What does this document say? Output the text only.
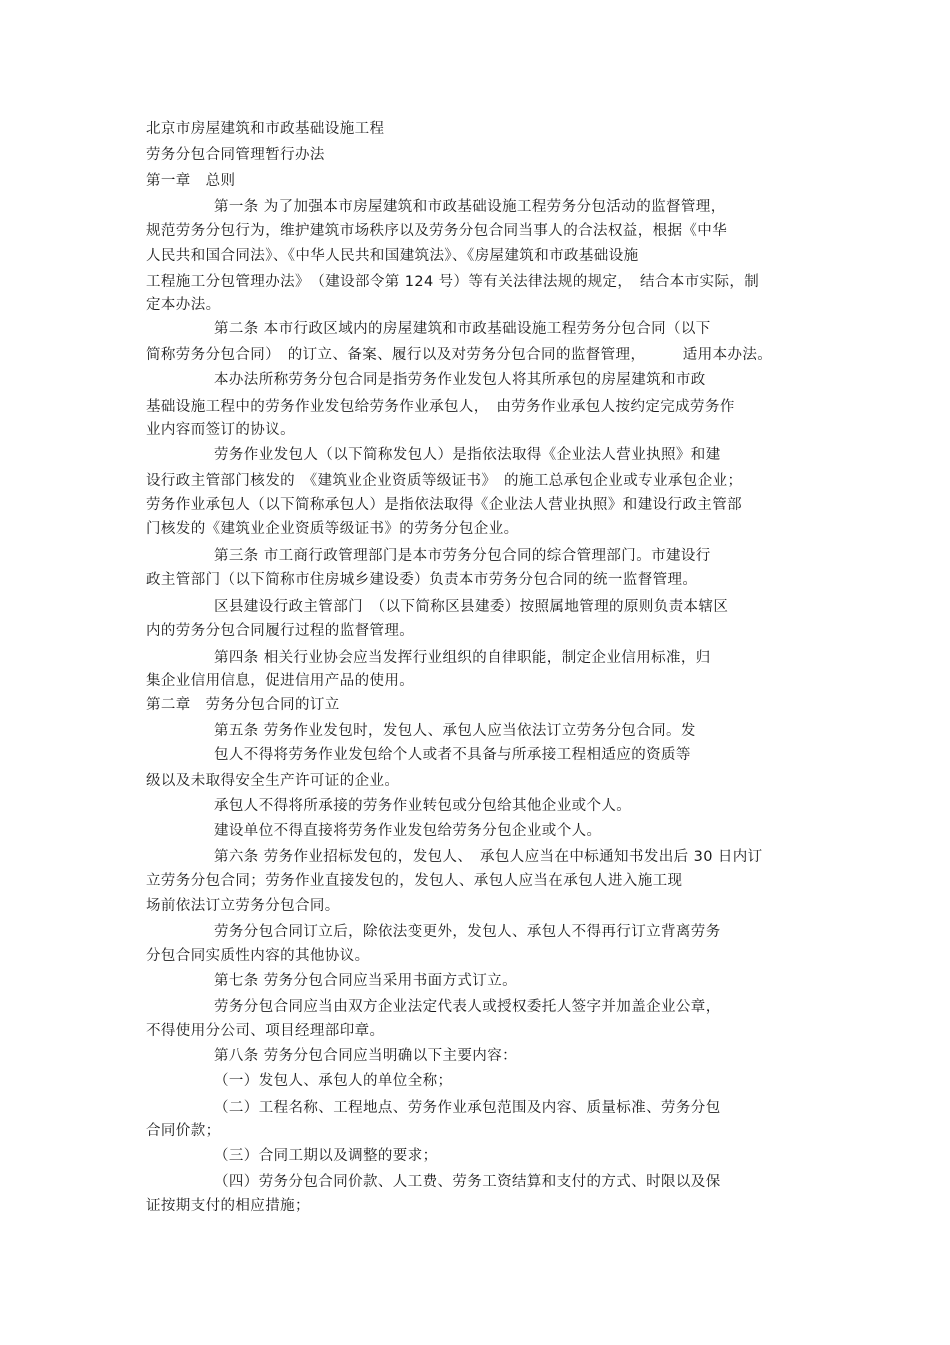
北京市房屋建筑和市政基础设施工程
劳务分包合同管理暂行办法
第一章　总则
第一条 为了加强本市房屋建筑和市政基础设施工程劳务分包活动的监督管理，
规范劳务分包行为，维护建筑市场秩序以及劳务分包合同当事人的合法权益，根据《中华
人民共和国合同法》、《中华人民共和国建筑法》、《房屋建筑和市政基础设施
工程施工分包管理办法》　（建设部令第 124 号）等有关法律法规的规定，　结合本市实际，制
定本办法。
第二条 本市行政区域内的房屋建筑和市政基础设施工程劳务分包合同（以下
简称劳务分包合同）　的订立、备案、履行以及对劳务分包合同的监督管理，　　　适用本办法。
本办法所称劳务分包合同是指劳务作业发包人将其所承包的房屋建筑和市政
基础设施工程中的劳务作业发包给劳务作业承包人，　由劳务作业承包人按约定完成劳务作
业内容而签订的协议。
劳务作业发包人（以下简称发包人）是指依法取得《企业法人营业执照》和建
设行政主管部门核发的　《建筑业企业资质等级证书》　的施工总承包企业或专业承包企业；
劳务作业承包人（以下简称承包人）是指依法取得《企业法人营业执照》和建设行政主管部
门核发的《建筑业企业资质等级证书》的劳务分包企业。
第三条 市工商行政管理部门是本市劳务分包合同的综合管理部门。市建设行
政主管部门（以下简称市住房城乡建设委）负责本市劳务分包合同的统一监督管理。
区县建设行政主管部门　（以下简称区县建委）按照属地管理的原则负责本辖区
内的劳务分包合同履行过程的监督管理。
第四条 相关行业协会应当发挥行业组织的自律职能，制定企业信用标准，归
集企业信用信息，促进信用产品的使用。
第二章　劳务分包合同的订立
第五条 劳务作业发包时，发包人、承包人应当依法订立劳务分包合同。发
包人不得将劳务作业发包给个人或者不具备与所承接工程相适应的资质等
级以及未取得安全生产许可证的企业。
承包人不得将所承接的劳务作业转包或分包给其他企业或个人。
建设单位不得直接将劳务作业发包给劳务分包企业或个人。
第六条 劳务作业招标发包的，发包人、　承包人应当在中标通知书发出后 30 日内订
立劳务分包合同；劳务作业直接发包的，发包人、承包人应当在承包人进入施工现
场前依法订立劳务分包合同。
劳务分包合同订立后，除依法变更外，发包人、承包人不得再行订立背离劳务
分包合同实质性内容的其他协议。
第七条 劳务分包合同应当采用书面方式订立。
劳务分包合同应当由双方企业法定代表人或授权委托人签字并加盖企业公章，
不得使用分公司、项目经理部印章。
第八条 劳务分包合同应当明确以下主要内容：
（一）发包人、承包人的单位全称；
（二）工程名称、工程地点、劳务作业承包范围及内容、质量标准、劳务分包
合同价款；
（三）合同工期以及调整的要求；
（四）劳务分包合同价款、人工费、劳务工资结算和支付的方式、时限以及保
证按期支付的相应措施；
